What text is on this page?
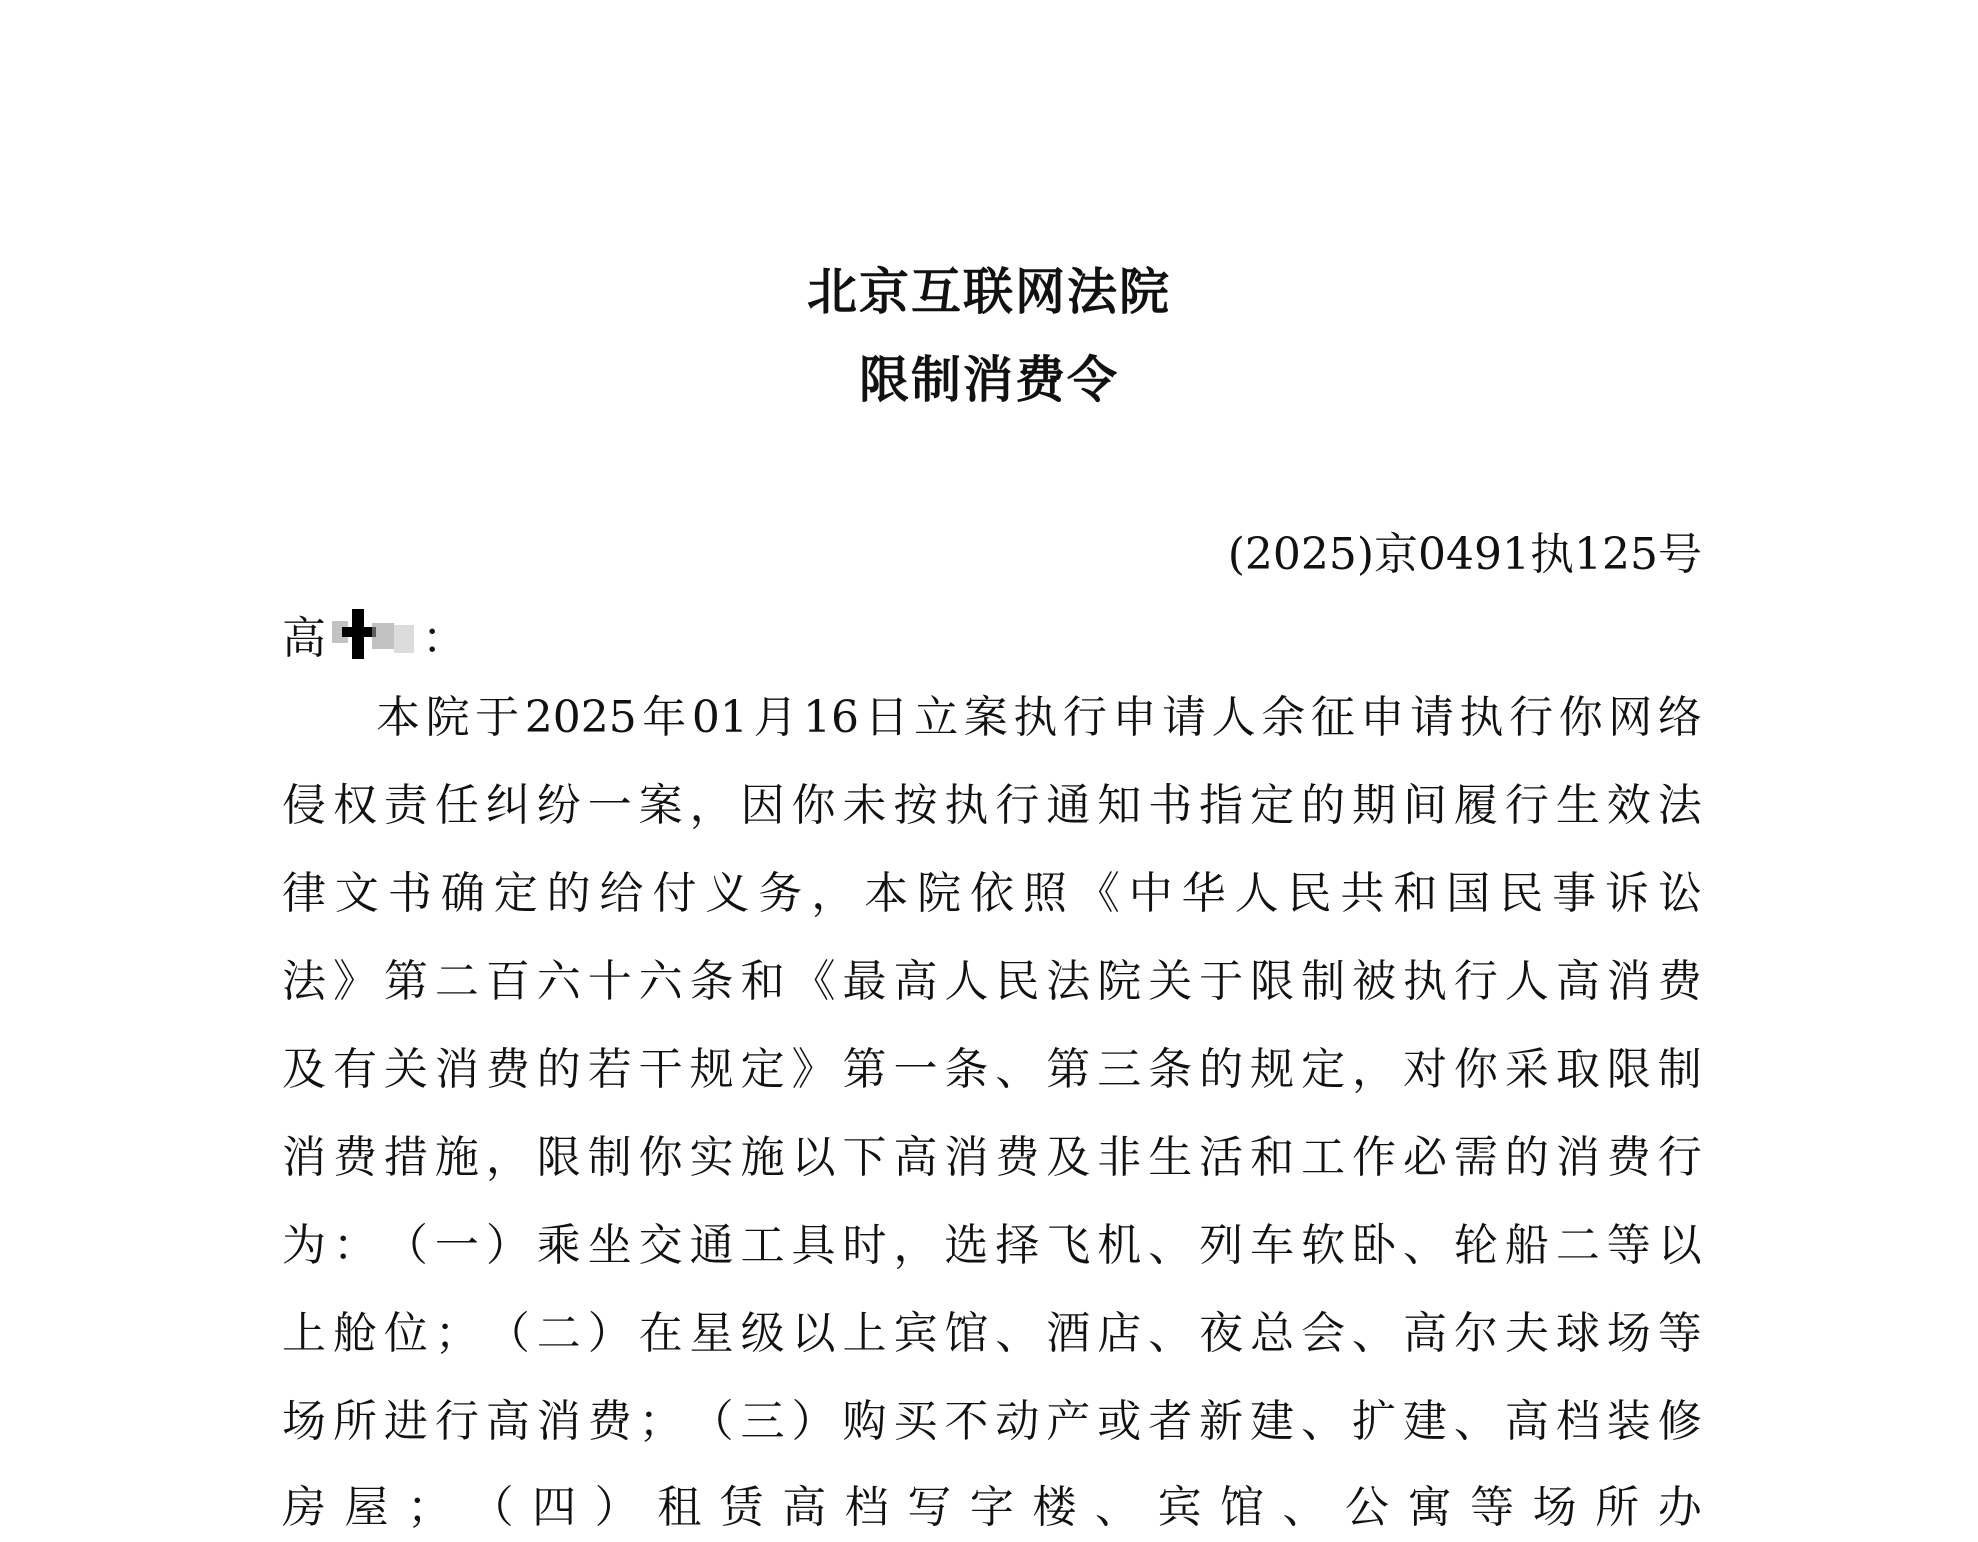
北京互联网法院
限制消费令
(2025)京0491执125号
高 ：
本 院 于 2025 年 01 月 16 日 立 案 执 行 申 请 人 余 征 申 请 执 行 你 网 络
侵 权 责 任 纠 纷 一 案 ， 因 你 未 按 执 行 通 知 书 指 定 的 期 间 履 行 生 效 法
律 文 书 确 定 的 给 付 义 务 ， 本 院 依 照 《 中 华 人 民 共 和 国 民 事 诉 讼
法 》 第 二 百 六 十 六 条 和 《 最 高 人 民 法 院 关 于 限 制 被 执 行 人 高 消 费
及 有 关 消 费 的 若 干 规 定 》 第 一 条 、 第 三 条 的 规 定 ， 对 你 采 取 限 制
消 费 措 施 ， 限 制 你 实 施 以 下 高 消 费 及 非 生 活 和 工 作 必 需 的 消 费 行
为 ： （ 一 ） 乘 坐 交 通 工 具 时 ， 选 择 飞 机 、 列 车 软 卧 、 轮 船 二 等 以
上 舱 位 ； （ 二 ） 在 星 级 以 上 宾 馆 、 酒 店 、 夜 总 会 、 高 尔 夫 球 场 等
场 所 进 行 高 消 费 ； （ 三 ） 购 买 不 动 产 或 者 新 建 、 扩 建 、 高 档 装 修
房 屋 ； （ 四 ） 租 赁 高 档 写 字 楼 、 宾 馆 、 公 寓 等 场 所 办
